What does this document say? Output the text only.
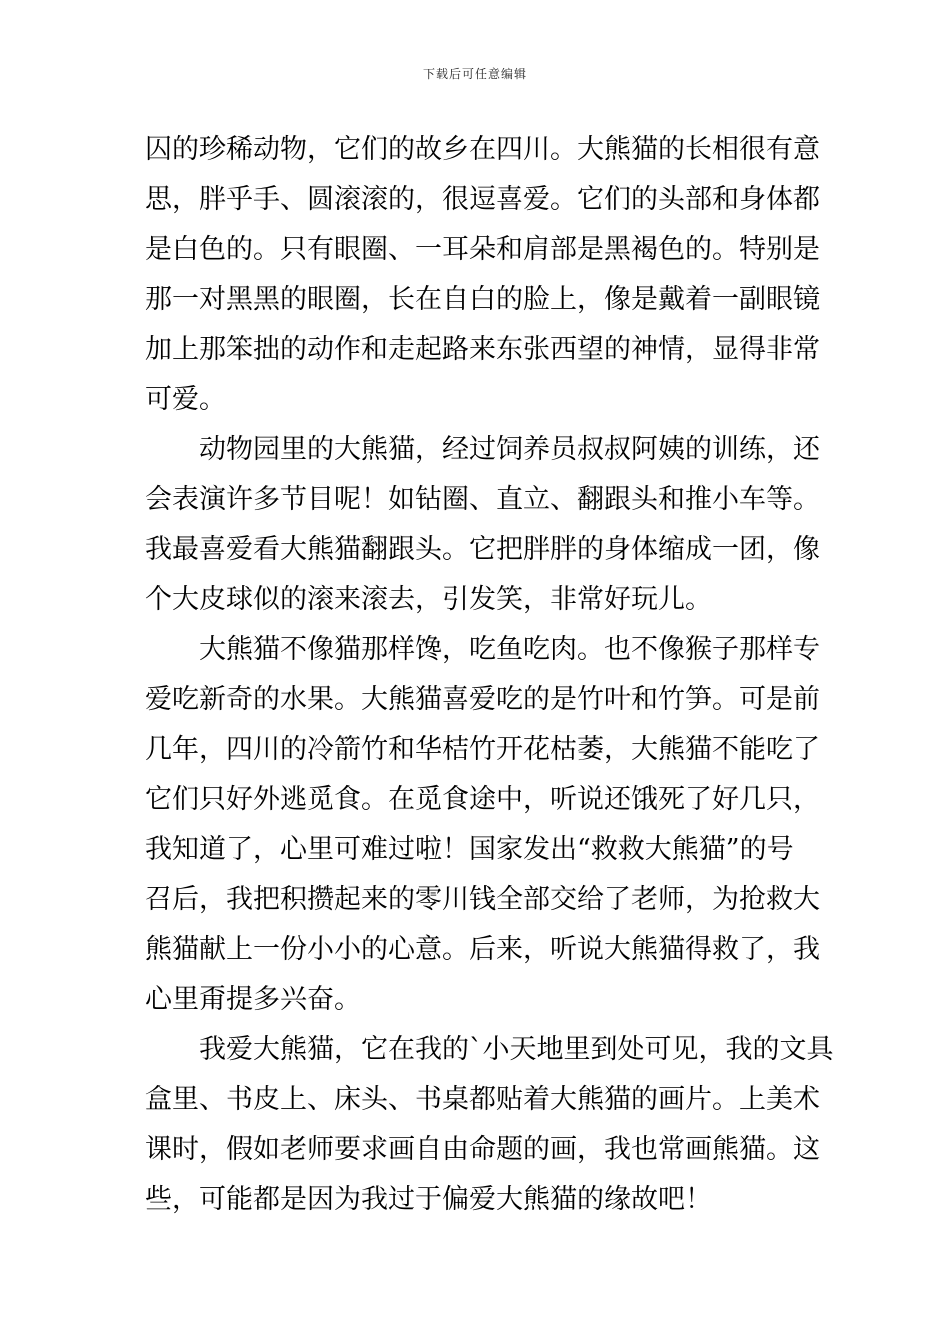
下载后可任意编辑
囚的珍稀动物，它们的故乡在四川。大熊猫的长相很有意
思，胖乎手、圆滚滚的，很逗喜爱。它们的头部和身体都
是白色的。只有眼圈、一耳朵和肩部是黑褐色的。特别是
那一对黑黑的眼圈，长在自白的脸上，像是戴着一副眼镜
加上那笨拙的动作和走起路来东张西望的神情，显得非常
可爱。
动物园里的大熊猫，经过饲养员叔叔阿姨的训练，还
会表演许多节目呢！如钻圈、直立、翻跟头和推小车等。
我最喜爱看大熊猫翻跟头。它把胖胖的身体缩成一团，像
个大皮球似的滚来滚去，引发笑，非常好玩儿。
大熊猫不像猫那样馋，吃鱼吃肉。也不像猴子那样专
爱吃新奇的水果。大熊猫喜爱吃的是竹叶和竹笋。可是前
几年，四川的冷箭竹和华桔竹开花枯萎，大熊猫不能吃了
它们只好外逃觅食。在觅食途中，听说还饿死了好几只，
我知道了，心里可难过啦！国家发出“救救大熊猫”的号
召后，我把积攒起来的零川钱全部交给了老师，为抢救大
熊猫献上一份小小的心意。后来，听说大熊猫得救了，我
心里甭提多兴奋。
我爱大熊猫，它在我的`小天地里到处可见，我的文具
盒里、书皮上、床头、书桌都贴着大熊猫的画片。上美术
课时，假如老师要求画自由命题的画，我也常画熊猫。这
些，可能都是因为我过于偏爱大熊猫的缘故吧！
